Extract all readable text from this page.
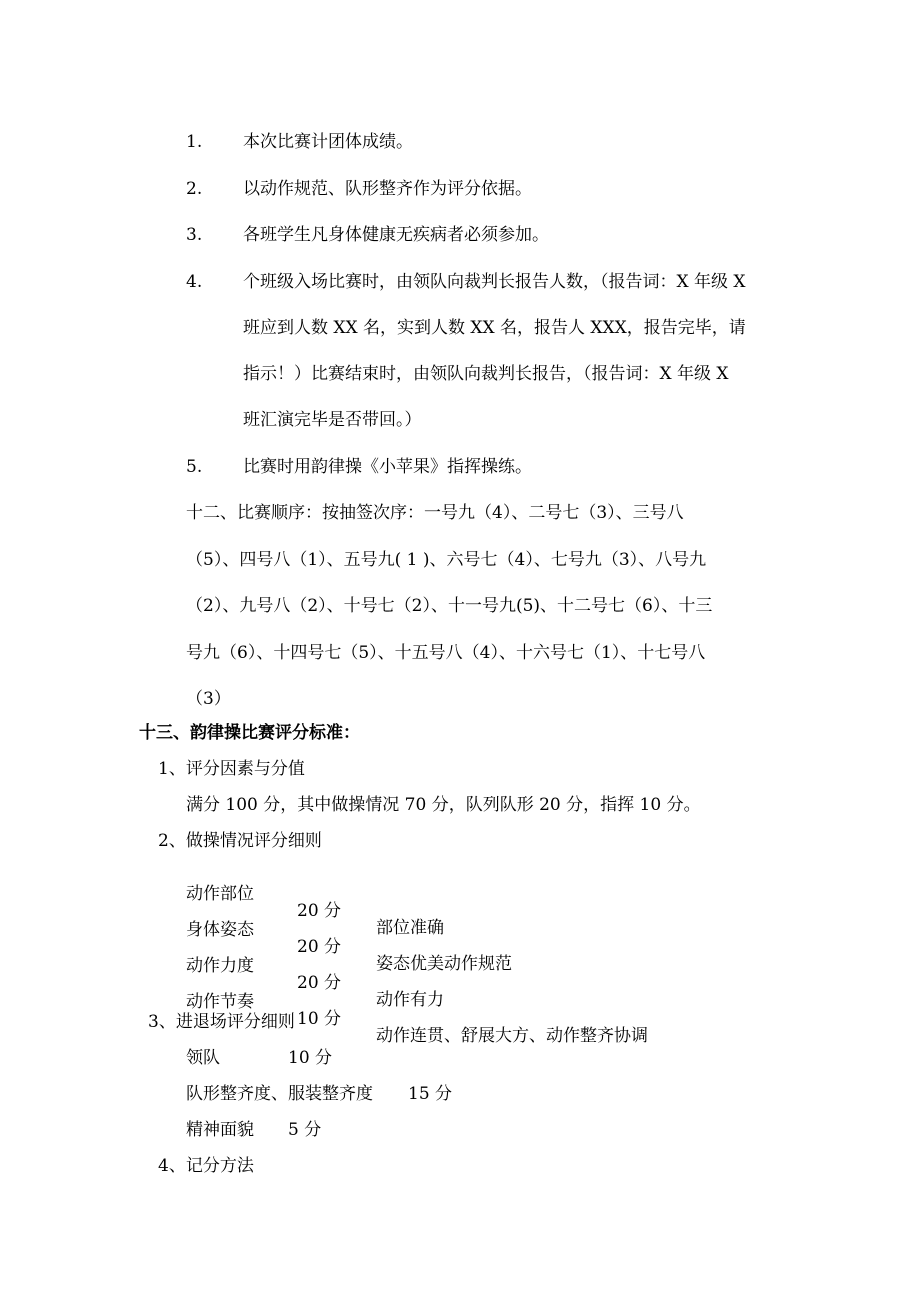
1. 本次比赛计团体成绩。
2. 以动作规范、队形整齐作为评分依据。
3. 各班学生凡身体健康无疾病者必须参加。
4. 个班级入场比赛时，由领队向裁判长报告人数，（报告词：X 年级 X
班应到人数 XX 名，实到人数 XX 名，报告人 XXX，报告完毕，请
指示！）比赛结束时，由领队向裁判长报告，（报告词：X 年级 X
班汇演完毕是否带回。）
5. 比赛时用韵律操《小苹果》指挥操练。
十二、比赛顺序：按抽签次序：一号九（4）、二号七（3）、三号八
（5）、四号八（1）、五号九( 1 )、六号七（4）、七号九（3）、八号九
（2）、九号八（2）、十号七（2）、十一号九(5)、十二号七（6）、十三
号九（6）、十四号七（5）、十五号八（4）、十六号七（1）、十七号八
（3）
十三、韵律操比赛评分标准：
1、评分因素与分值
满分 100 分，其中做操情况 70 分，队列队形 20 分，指挥 10 分。
2、做操情况评分细则

动作部位

20 分

部位准确

身体姿态

20 分

姿态优美动作规范

动作力度

20 分

动作有力

动作节奏

10 分

动作连贯、舒展大方、动作整齐协调

3、进退场评分细则
领队	10 分
队形整齐度、服装整齐度 15 分
精神面貌 5 分
4、记分方法
